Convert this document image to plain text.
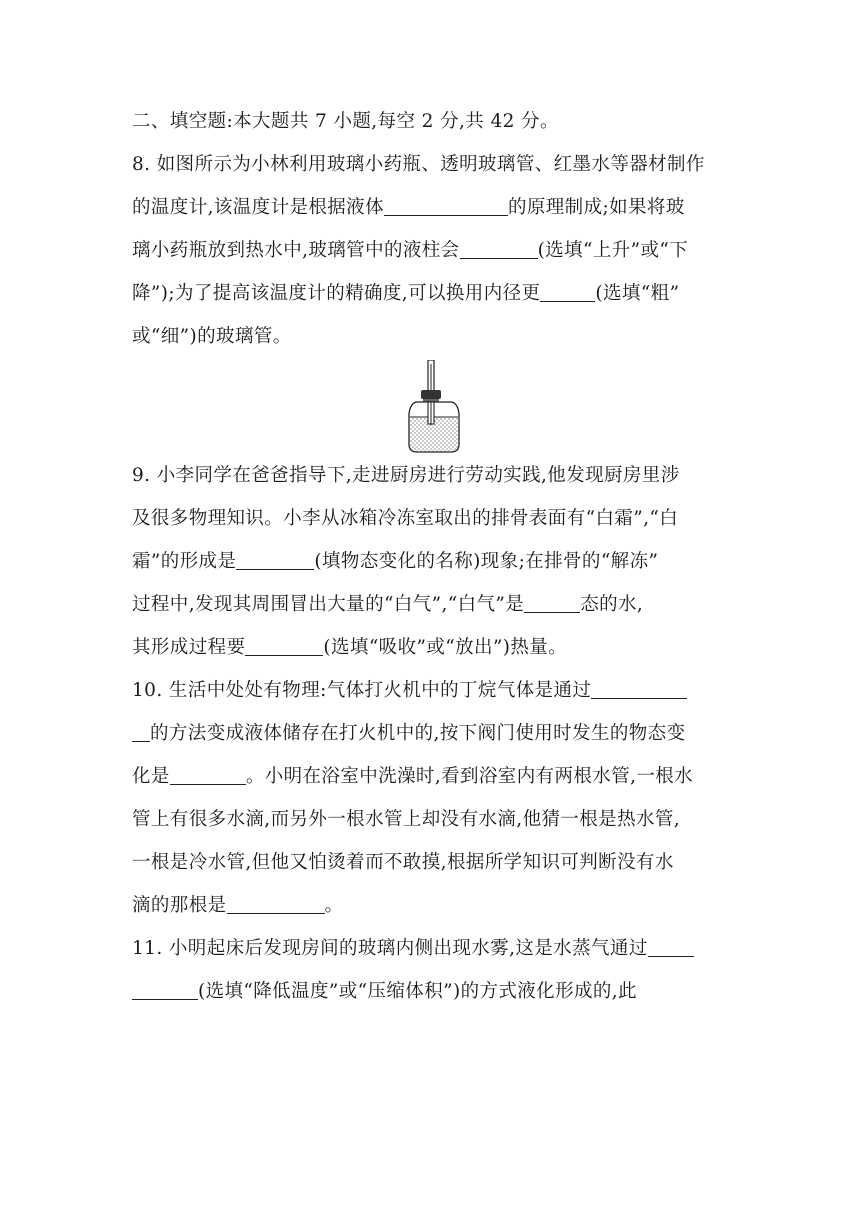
二、填空题:本大题共 7 小题,每空 2 分,共 42 分。
8. 如图所示为小林利用玻璃小药瓶、透明玻璃管、红墨水等器材制作
的温度计,该温度计是根据液体	的原理制成;如果将玻
璃小药瓶放到热水中,玻璃管中的液柱会	(选填“上升”或“下
降”);为了提高该温度计的精确度,可以换用内径更	(选填“粗”
或“细”)的玻璃管。
9. 小李同学在爸爸指导下,走进厨房进行劳动实践,他发现厨房里涉
及很多物理知识。小李从冰箱冷冻室取出的排骨表面有“白霜”,“白
霜”的形成是	(填物态变化的名称)现象;在排骨的“解冻”
过程中,发现其周围冒出大量的“白气”,“白气”是	态的水,
其形成过程要	(选填“吸收”或“放出”)热量。
10. 生活中处处有物理:气体打火机中的丁烷气体是通过
的方法变成液体储存在打火机中的,按下阀门使用时发生的物态变
化是	。小明在浴室中洗澡时,看到浴室内有两根水管,一根水
管上有很多水滴,而另外一根水管上却没有水滴,他猜一根是热水管,
一根是冷水管,但他又怕烫着而不敢摸,根据所学知识可判断没有水
滴的那根是	。
11. 小明起床后发现房间的玻璃内侧出现水雾,这是水蒸气通过
(选填“降低温度”或“压缩体积”)的方式液化形成的,此
